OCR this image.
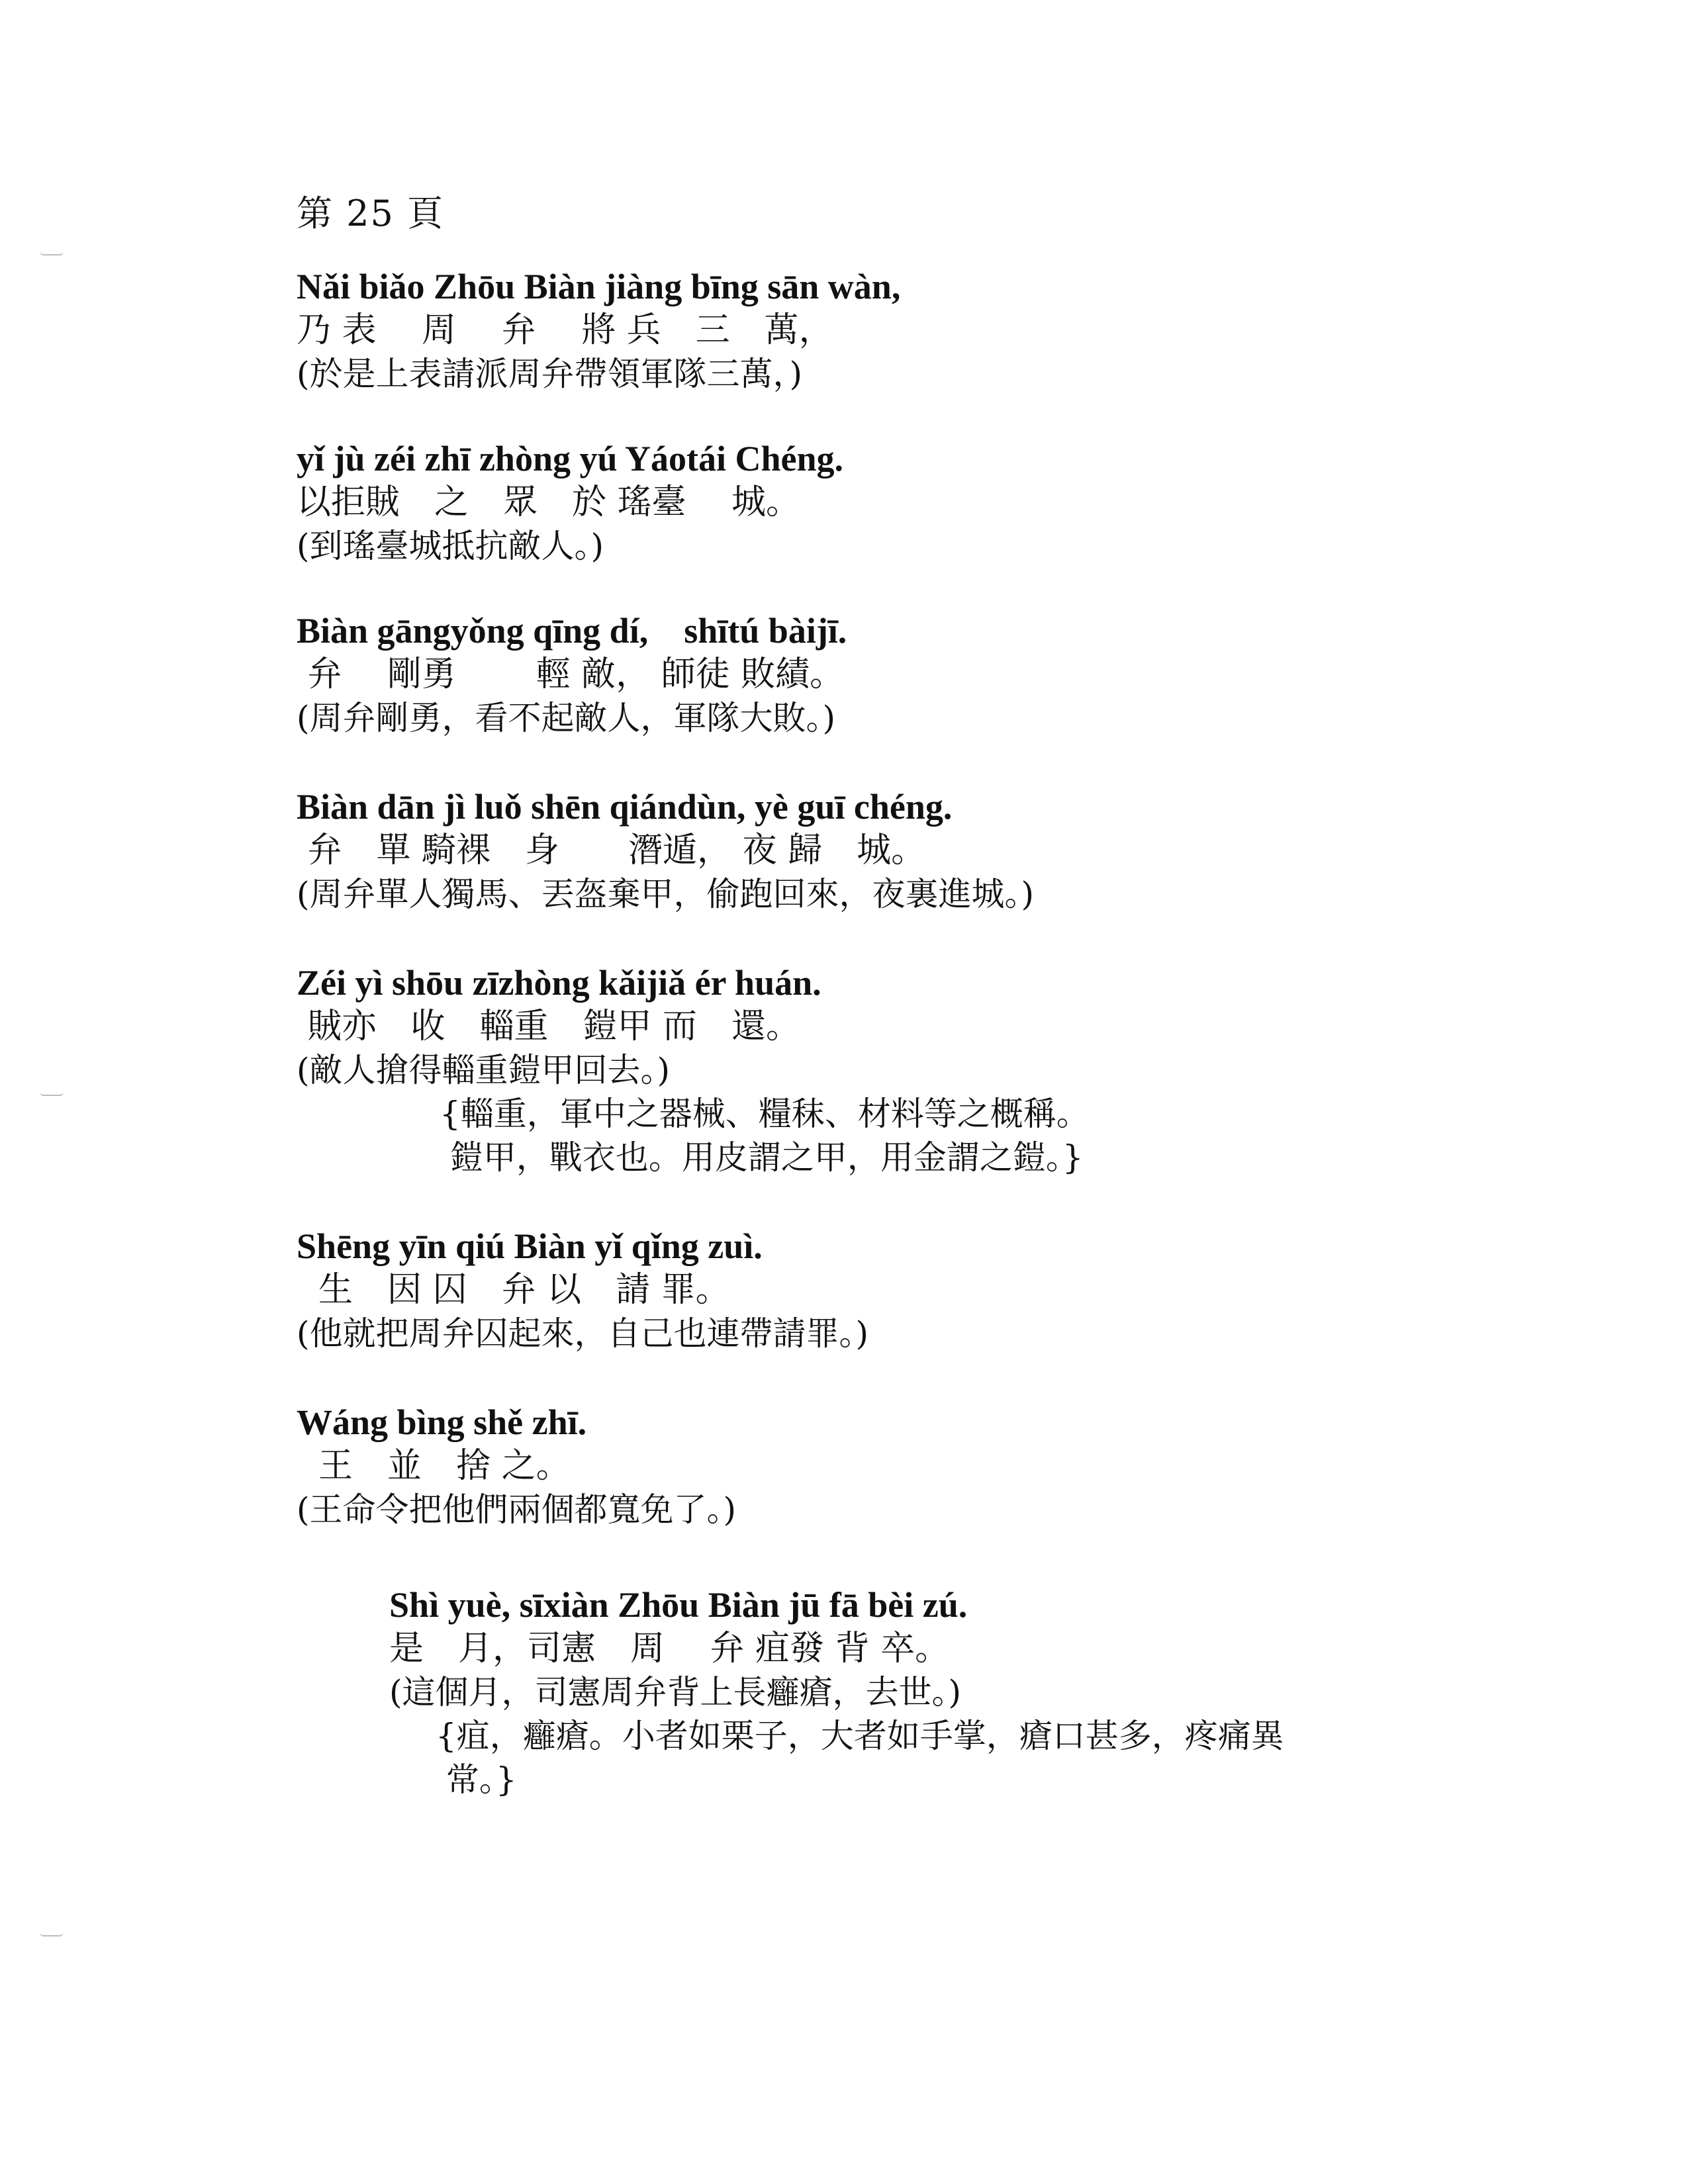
第 25 頁
Nǎi biǎo Zhōu Biàn jiàng bīng sān wàn,
乃 表　 周　 弁　 將 兵　三　萬，
(於是上表請派周弁帶領軍隊三萬，)
yǐ jù zéi zhī zhòng yú Yáotái Chéng.
以拒賊　之　眾　於 瑤臺　 城。
(到瑤臺城抵抗敵人。)
Biàn gāngyǒng qīng dí,　shītú bàijī.
弁　 剛勇　　 輕 敵， 師徒 敗績。
(周弁剛勇，看不起敵人，軍隊大敗。)
Biàn dān jì luǒ shēn qiándùn, yè guī chéng.
弁　單 騎裸　身　　潛遁， 夜 歸　城。
(周弁單人獨馬、丟盔棄甲，偷跑回來，夜裏進城。)
Zéi yì shōu zīzhòng kǎijiǎ ér huán.
賊亦　收　輜重　鎧甲 而　還。
(敵人搶得輜重鎧甲回去。)
{輜重，軍中之器械、糧秣、材料等之概稱。
鎧甲，戰衣也。用皮謂之甲，用金謂之鎧。}
Shēng yīn qiú Biàn yǐ qǐng zuì.
生　因 囚　弁 以　請 罪。
(他就把周弁囚起來，自己也連帶請罪。)
Wáng bìng shě zhī.
王　並　捨 之。
(王命令把他們兩個都寬免了。)
Shì yuè, sīxiàn Zhōu Biàn jū fā bèi zú.
是　月，司憲　周　 弁 疽發 背 卒。
(這個月，司憲周弁背上長癰瘡，去世。)
{疽，癰瘡。小者如栗子，大者如手掌，瘡口甚多，疼痛異
常。}
